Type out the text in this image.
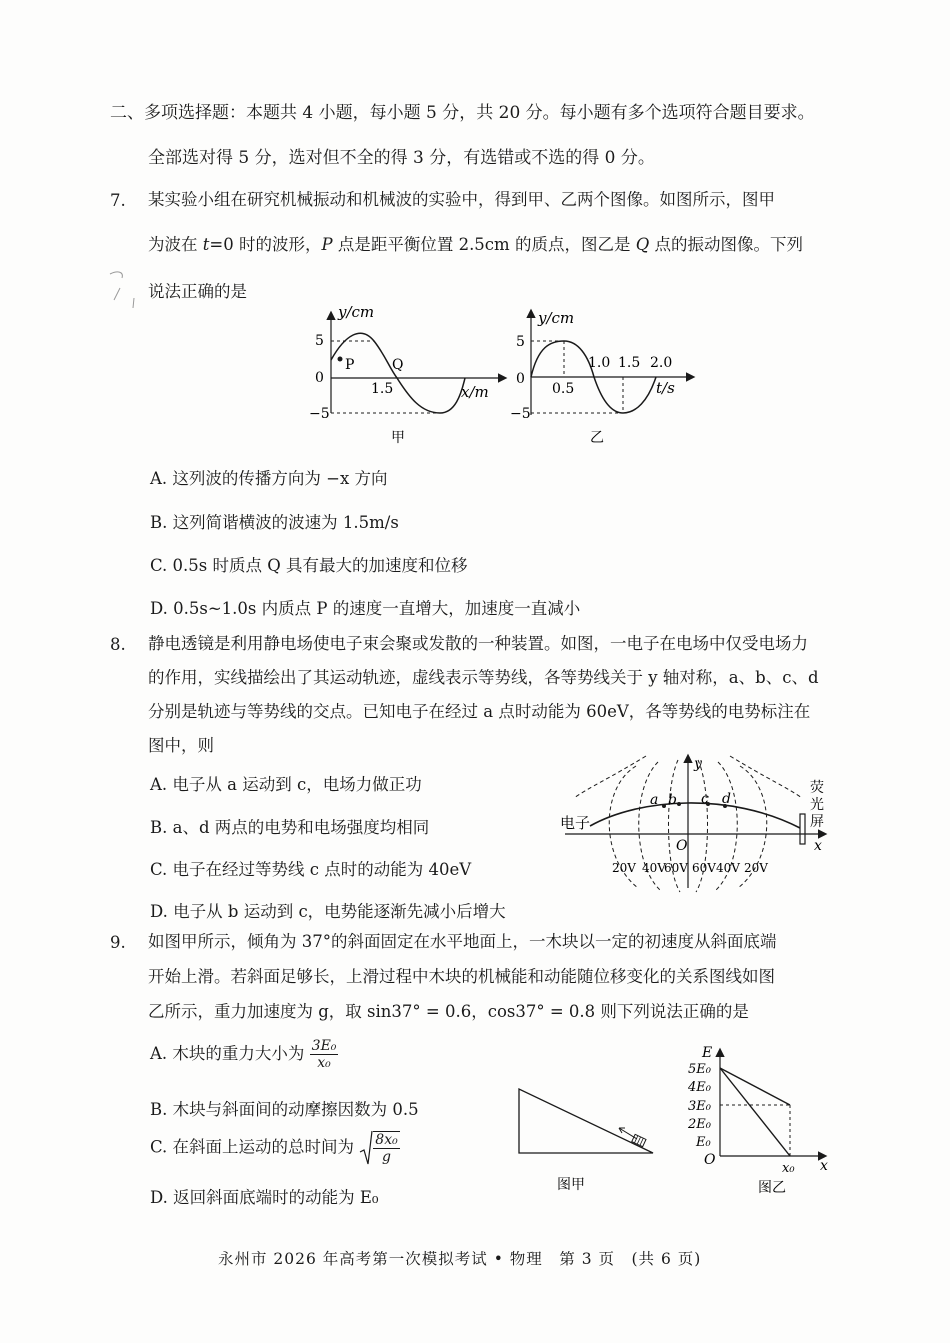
二、多项选择题：本题共 4 小题，每小题 5 分，共 20 分。每小题有多个选项符合题目要求。
全部选对得 5 分，选对但不全的得 3 分，有选错或不选的得 0 分。
7. 某实验小组在研究机械振动和机械波的实验中，得到甲、乙两个图像。如图所示，图甲
为波在 t=0 时的波形，P 点是距平衡位置 2.5cm 的质点，图乙是 Q 点的振动图像。下列
说法正确的是
y/cm
5
0
−5
P	Q
1.5	x/m
甲
y/cm
5
0
−5
0.5
1.0 1.5 2.0
t/s
乙
A. 这列波的传播方向为 −x 方向
B. 这列简谐横波的波速为 1.5m/s
C. 0.5s 时质点 Q 具有最大的加速度和位移
D. 0.5s~1.0s 内质点 P 的速度一直增大，加速度一直减小
8. 静电透镜是利用静电场使电子束会聚或发散的一种装置。如图，一电子在电场中仅受电场力
的作用，实线描绘出了其运动轨迹，虚线表示等势线，各等势线关于 y 轴对称，a、b、c、d
分别是轨迹与等势线的交点。已知电子在经过 a 点时动能为 60eV，各等势线的电势标注在
图中，则
A. 电子从 a 运动到 c，电场力做正功
B. a、d 两点的电势和电场强度均相同
C. 电子在经过等势线 c 点时的动能为 40eV
D. 电子从 b 运动到 c，电势能逐渐先减小后增大
y
x
O
a b c d
电子
荧
光
屏
20V 40V
60V 60V 40V 20V
9. 如图甲所示，倾角为 37°的斜面固定在水平地面上，一木块以一定的初速度从斜面底端
开始上滑。若斜面足够长，上滑过程中木块的机械能和动能随位移变化的关系图线如图
乙所示，重力加速度为 g，取 sin37° = 0.6，cos37° = 0.8 则下列说法正确的是
A. 木块的重力大小为 $\frac{\text{3E₀}}{\text{x₀}}$
B. 木块与斜面间的动摩擦因数为 0.5
C. 在斜面上运动的总时间为 $\frac{\text{8x₀}}{g}$
D. 返回斜面底端时的动能为 E₀
图甲
E
5E₀
4E₀
3E₀
2E₀
E₀
O
x₀ x
图乙
永州市 2026 年高考第一次模拟考试 • 物理　第 3 页　(共 6 页)
